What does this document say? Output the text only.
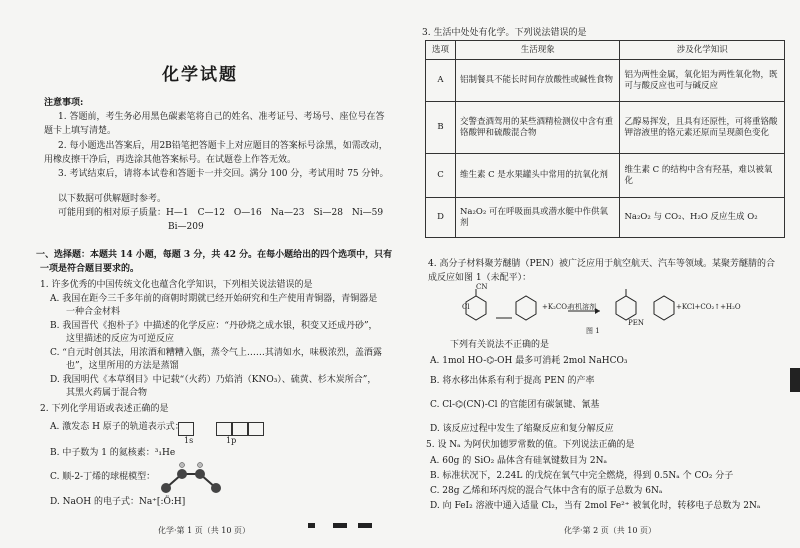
化学试题
注意事项:
1. 答题前，考生务必用黑色碳素笔将自己的姓名、准考证号、考场号、座位号在答
题卡上填写清楚。
2. 每小题选出答案后，用2B铅笔把答题卡上对应题目的答案标号涂黑，如需改动，
用橡皮擦干净后，再选涂其他答案标号。在试题卷上作答无效。
3. 考试结束后，请将本试卷和答题卡一并交回。满分 100 分，考试用时 75 分钟。
以下数据可供解题时参考。
可能用到的相对原子质量：H—1　C—12　O—16　Na—23　Si—28　Ni—59
Bi—209
一、选择题：本题共 14 小题，每题 3 分，共 42 分。在每小题给出的四个选项中，只有
一项是符合题目要求的。
1. 许多优秀的中国传统文化也蕴含化学知识，下列相关说法错误的是
A. 我国在距今三千多年前的商朝时期就已经开始研究和生产使用青铜器，青铜器是
一种合金材料
B. 我国晋代《抱朴子》中描述的化学反应：“丹砂烧之成水银，积变又还成丹砂”，
这里描述的反应为可逆反应
C. “自元时创其法，用浓酒和糟糟入甑，蒸令气上……其清如水，味极浓烈，盖酒露
也”，这里所用的方法是蒸馏
D. 我国明代《本草纲目》中记载“（火药）乃焰消（KNO₃）、硫黄、杉木炭所合”，
其黑火药属于混合物
2. 下列化学用语或表述正确的是
A. 激发态 H 原子的轨道表示式：
1s	1p
B. 中子数为 1 的氦核素：³₁He
C. 顺-2-丁烯的球棍模型：
D. NaOH 的电子式：Na⁺[:Ö:H]
化学·第 1 页（共 10 页）
3. 生活中处处有化学。下列说法错误的是
4. 高分子材料聚芳醚腈（PEN）被广泛应用于航空航天、汽车等领域。某聚芳醚腈的合
成反应如图 1（未配平）：
CN
Cl	+K₂CO₃
有机溶剂	+KCl+CO₂↑+H₂O
PEN
图 1
下列有关说法不正确的是
A. 1mol HO-⌬-OH 最多可消耗 2mol NaHCO₃
B. 将水移出体系有利于提高 PEN 的产率
C. Cl-⌬(CN)-Cl 的官能团有碳氯键、氰基
D. 该反应过程中发生了缩聚反应和复分解反应
5. 设 Nₐ 为阿伏加德罗常数的值。下列说法正确的是
A. 60g 的 SiO₂ 晶体含有硅氧键数目为 2Nₐ
B. 标准状况下，2.24L 的戊烷在氧气中完全燃烧，得到 0.5Nₐ 个 CO₂ 分子
C. 28g 乙烯和环丙烷的混合气体中含有的原子总数为 6Nₐ
D. 向 FeI₂ 溶液中通入适量 Cl₂，当有 2mol Fe²⁺ 被氧化时，转移电子总数为 2Nₐ
化学·第 2 页（共 10 页）
选项	生活现象	涉及化学知识
A	铝制餐具不能长时间存放酸性或碱性食物	铝为两性金属，氧化铝为两性氧化物，既可与酸反应也可与碱反应
B	交警查酒驾用的某些酒精检测仪中含有重铬酸钾和硫酸混合物	乙醇易挥发，且具有还原性，可将重铬酸钾溶液里的铬元素还原而呈现颜色变化
C	维生素 C 是水果罐头中常用的抗氧化剂	维生素 C 的结构中含有羟基，难以被氧化
D	Na₂O₂ 可在呼吸面具或潜水艇中作供氧剂	Na₂O₂ 与 CO₂、H₂O 反应生成 O₂
